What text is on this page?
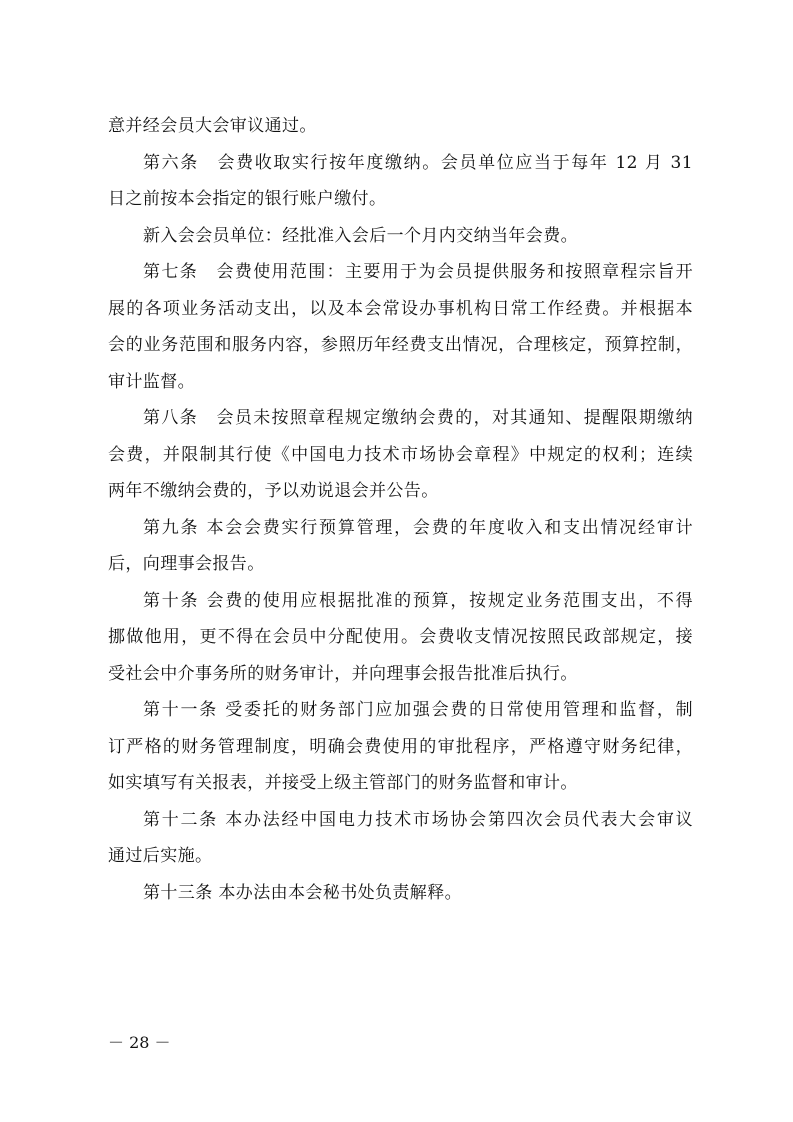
意并经会员大会审议通过。
第六条　会费收取实行按年度缴纳。会员单位应当于每年 12 月 31
日之前按本会指定的银行账户缴付。
新入会会员单位：经批准入会后一个月内交纳当年会费。
第七条　会费使用范围：主要用于为会员提供服务和按照章程宗旨开
展的各项业务活动支出，以及本会常设办事机构日常工作经费。并根据本
会的业务范围和服务内容，参照历年经费支出情况，合理核定，预算控制，
审计监督。
第八条　会员未按照章程规定缴纳会费的，对其通知、提醒限期缴纳
会费，并限制其行使《中国电力技术市场协会章程》中规定的权利；连续
两年不缴纳会费的，予以劝说退会并公告。
第九条 本会会费实行预算管理，会费的年度收入和支出情况经审计
后，向理事会报告。
第十条 会费的使用应根据批准的预算，按规定业务范围支出，不得
挪做他用，更不得在会员中分配使用。会费收支情况按照民政部规定，接
受社会中介事务所的财务审计，并向理事会报告批准后执行。
第十一条 受委托的财务部门应加强会费的日常使用管理和监督，制
订严格的财务管理制度，明确会费使用的审批程序，严格遵守财务纪律，
如实填写有关报表，并接受上级主管部门的财务监督和审计。
第十二条 本办法经中国电力技术市场协会第四次会员代表大会审议
通过后实施。
第十三条 本办法由本会秘书处负责解释。
－ 28 －
